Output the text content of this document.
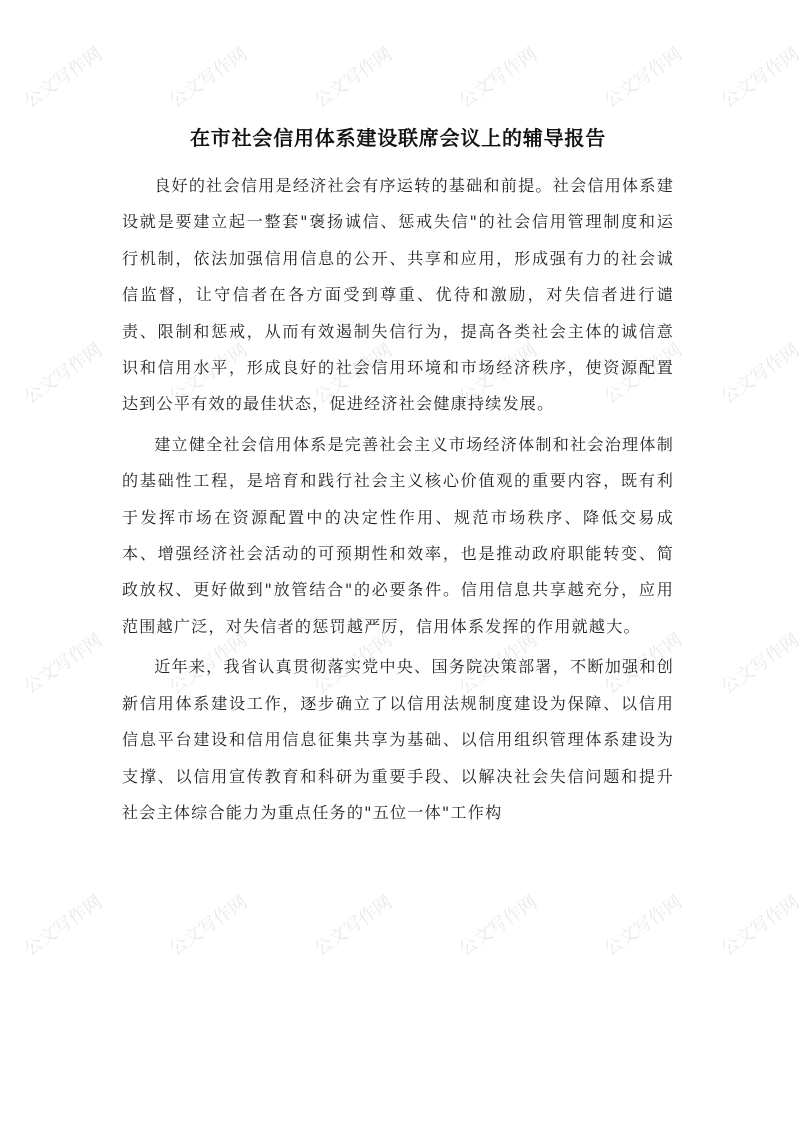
公文写作网	公文写作网	公文写作网	公文写作网	公文写作网 公文写作网
公文写作网	公文写作网	公文写作网	公文写作网	公文写作网 公文写作网
公文写作网	公文写作网	公文写作网	公文写作网	公文写作网 公文写作网
公文写作网	公文写作网	公文写作网	公文写作网	公文写作网 公文写作网
在市社会信用体系建设联席会议上的辅导报告

良好的社会信用是经济社会有序运转的基础和前提。社会信用体系建设就是要建立起一整套"褒扬诚信、惩戒失信"的社会信用管理制度和运行机制，依法加强信用信息的公开、共享和应用，形成强有力的社会诚信监督，让守信者在各方面受到尊重、优待和激励，对失信者进行谴责、限制和惩戒，从而有效遏制失信行为，提高各类社会主体的诚信意识和信用水平，形成良好的社会信用环境和市场经济秩序，使资源配置达到公平有效的最佳状态，促进经济社会健康持续发展。

建立健全社会信用体系是完善社会主义市场经济体制和社会治理体制的基础性工程，是培育和践行社会主义核心价值观的重要内容，既有利于发挥市场在资源配置中的决定性作用、规范市场秩序、降低交易成本、增强经济社会活动的可预期性和效率，也是推动政府职能转变、简政放权、更好做到"放管结合"的必要条件。信用信息共享越充分，应用范围越广泛，对失信者的惩罚越严厉，信用体系发挥的作用就越大。

近年来，我省认真贯彻落实党中央、国务院决策部署，不断加强和创新信用体系建设工作，逐步确立了以信用法规制度建设为保障、以信用信息平台建设和信用信息征集共享为基础、以信用组织管理体系建设为支撑、以信用宣传教育和科研为重要手段、以解决社会失信问题和提升社会主体综合能力为重点任务的"五位一体"工作构
